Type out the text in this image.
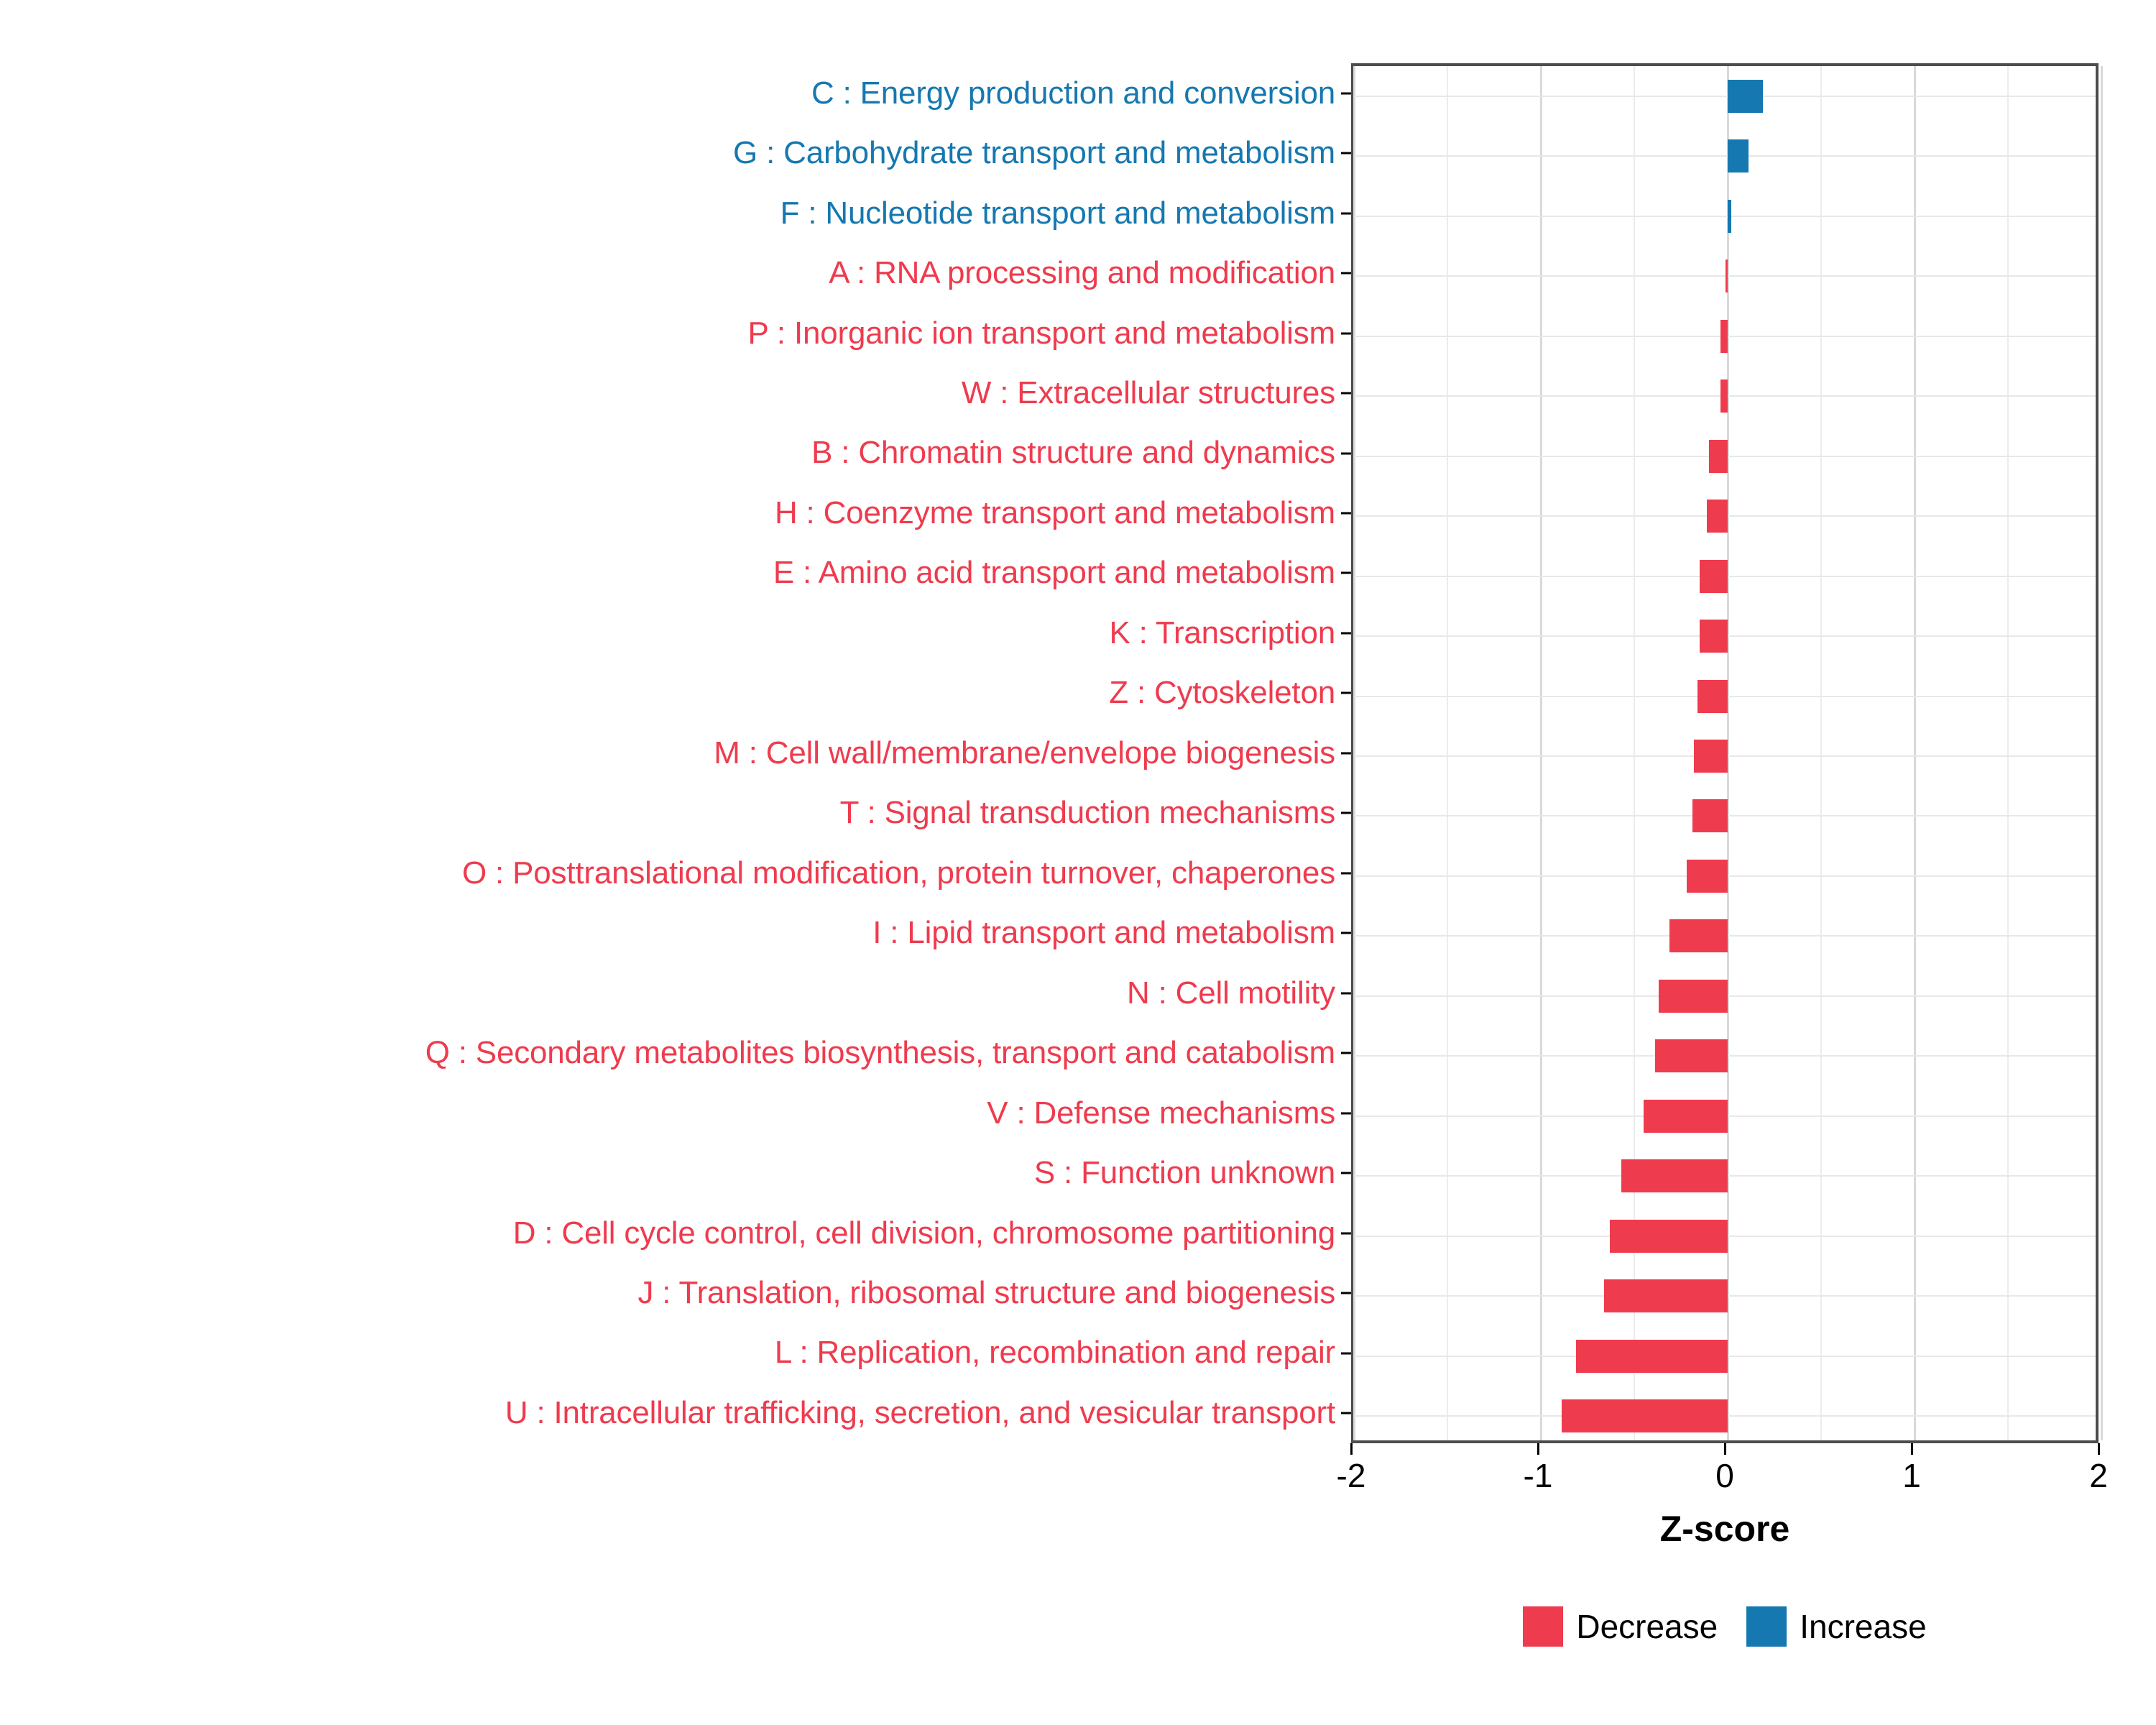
C : Energy production and conversion
G : Carbohydrate transport and metabolism
F : Nucleotide transport and metabolism
A : RNA processing and modification
P : Inorganic ion transport and metabolism
W : Extracellular structures
B : Chromatin structure and dynamics
H : Coenzyme transport and metabolism
E : Amino acid transport and metabolism
K : Transcription
Z : Cytoskeleton
M : Cell wall/membrane/envelope biogenesis
T : Signal transduction mechanisms
O : Posttranslational modification, protein turnover, chaperones
I : Lipid transport and metabolism
N : Cell motility
Q : Secondary metabolites biosynthesis, transport and catabolism
V : Defense mechanisms
S : Function unknown
D : Cell cycle control, cell division, chromosome partitioning
J : Translation, ribosomal structure and biogenesis
L : Replication, recombination and repair
U : Intracellular trafficking, secretion, and vesicular transport
-2	-1	0	1	2
Z-score
Decrease Increase
